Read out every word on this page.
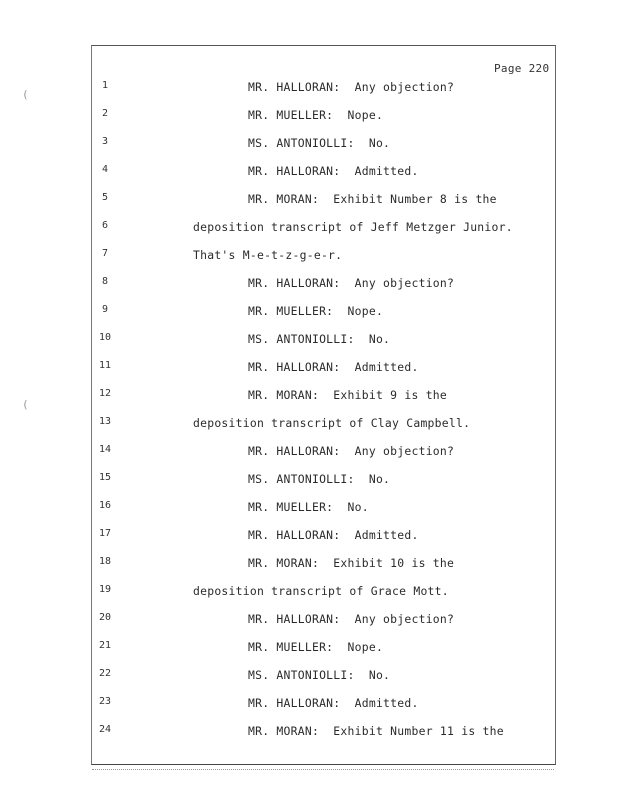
Page 220
(
(
1	MR. HALLORAN:  Any objection?
2	MR. MUELLER:  Nope.
3	MS. ANTONIOLLI:  No.
4	MR. HALLORAN:  Admitted.
5	MR. MORAN:  Exhibit Number 8 is the
6	deposition transcript of Jeff Metzger Junior.
7	That's M-e-t-z-g-e-r.
8	MR. HALLORAN:  Any objection?
9	MR. MUELLER:  Nope.
10	MS. ANTONIOLLI:  No.
11	MR. HALLORAN:  Admitted.
12	MR. MORAN:  Exhibit 9 is the
13	deposition transcript of Clay Campbell.
14	MR. HALLORAN:  Any objection?
15	MS. ANTONIOLLI:  No.
16	MR. MUELLER:  No.
17	MR. HALLORAN:  Admitted.
18	MR. MORAN:  Exhibit 10 is the
19	deposition transcript of Grace Mott.
20	MR. HALLORAN:  Any objection?
21	MR. MUELLER:  Nope.
22	MS. ANTONIOLLI:  No.
23	MR. HALLORAN:  Admitted.
24	MR. MORAN:  Exhibit Number 11 is the
